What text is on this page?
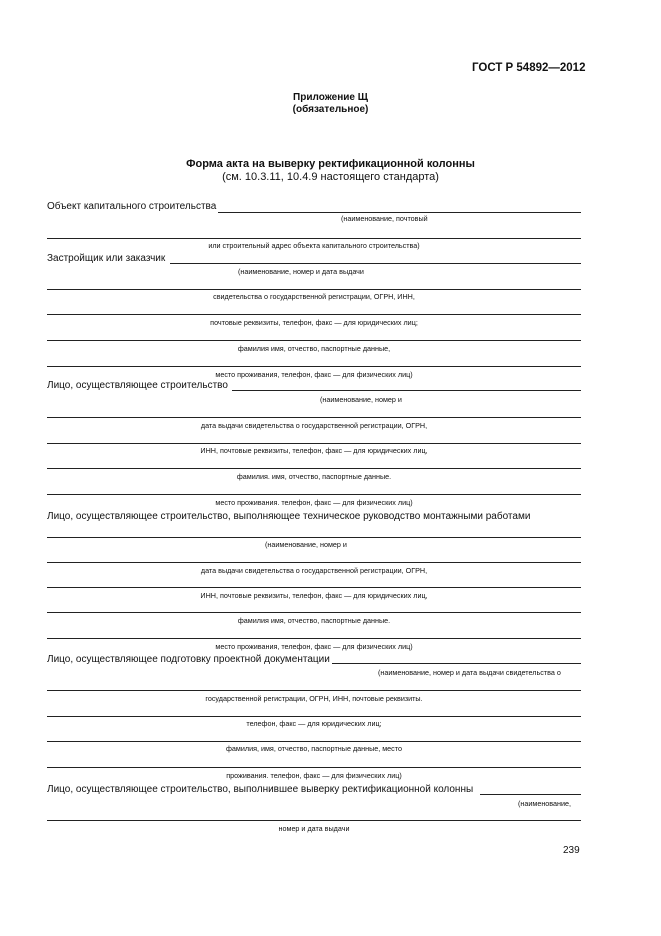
ГОСТ Р 54892—2012
Приложение Щ
(обязательное)
Форма акта на выверку ректификационной колонны
(см. 10.3.11, 10.4.9 настоящего стандарта)
Объект капитального строительства
(наименование, почтовый
или строительный адрес объекта капитального строительства)
Застройщик или заказчик
(наименование, номер и дата выдачи
свидетельства о государственной регистрации, ОГРН, ИНН,
почтовые реквизиты, телефон, факс — для юридических лиц;
фамилия имя, отчество, паспортные данные,
место проживания, телефон, факс — для физических лиц)
Лицо, осуществляющее строительство
(наименование, номер и
дата выдачи свидетельства о государственной регистрации, ОГРН,
ИНН, почтовые реквизиты, телефон, факс — для юридических лиц,
фамилия. имя, отчество, паспортные данные.
место проживания. телефон, факс — для физических лиц)
Лицо, осуществляющее строительство, выполняющее техническое руководство монтажными работами
(наименование, номер и
дата выдачи свидетельства о государственной регистрации, ОГРН,
ИНН, почтовые реквизиты, телефон, факс — для юридических лиц,
фамилия имя, отчество, паспортные данные.
место проживания, телефон, факс — для физических лиц)
Лицо, осуществляющее подготовку проектной документации
(наименование, номер и дата выдачи свидетельства о
государственной регистрации, ОГРН, ИНН, почтовые реквизиты.
телефон, факс — для юридических лиц;
фамилия, имя, отчество, паспортные данные, место
проживания. телефон, факс — для физических лиц)
Лицо, осуществляющее строительство, выполнившее выверку ректификационной колонны
(наименование,
номер и дата выдачи
239
